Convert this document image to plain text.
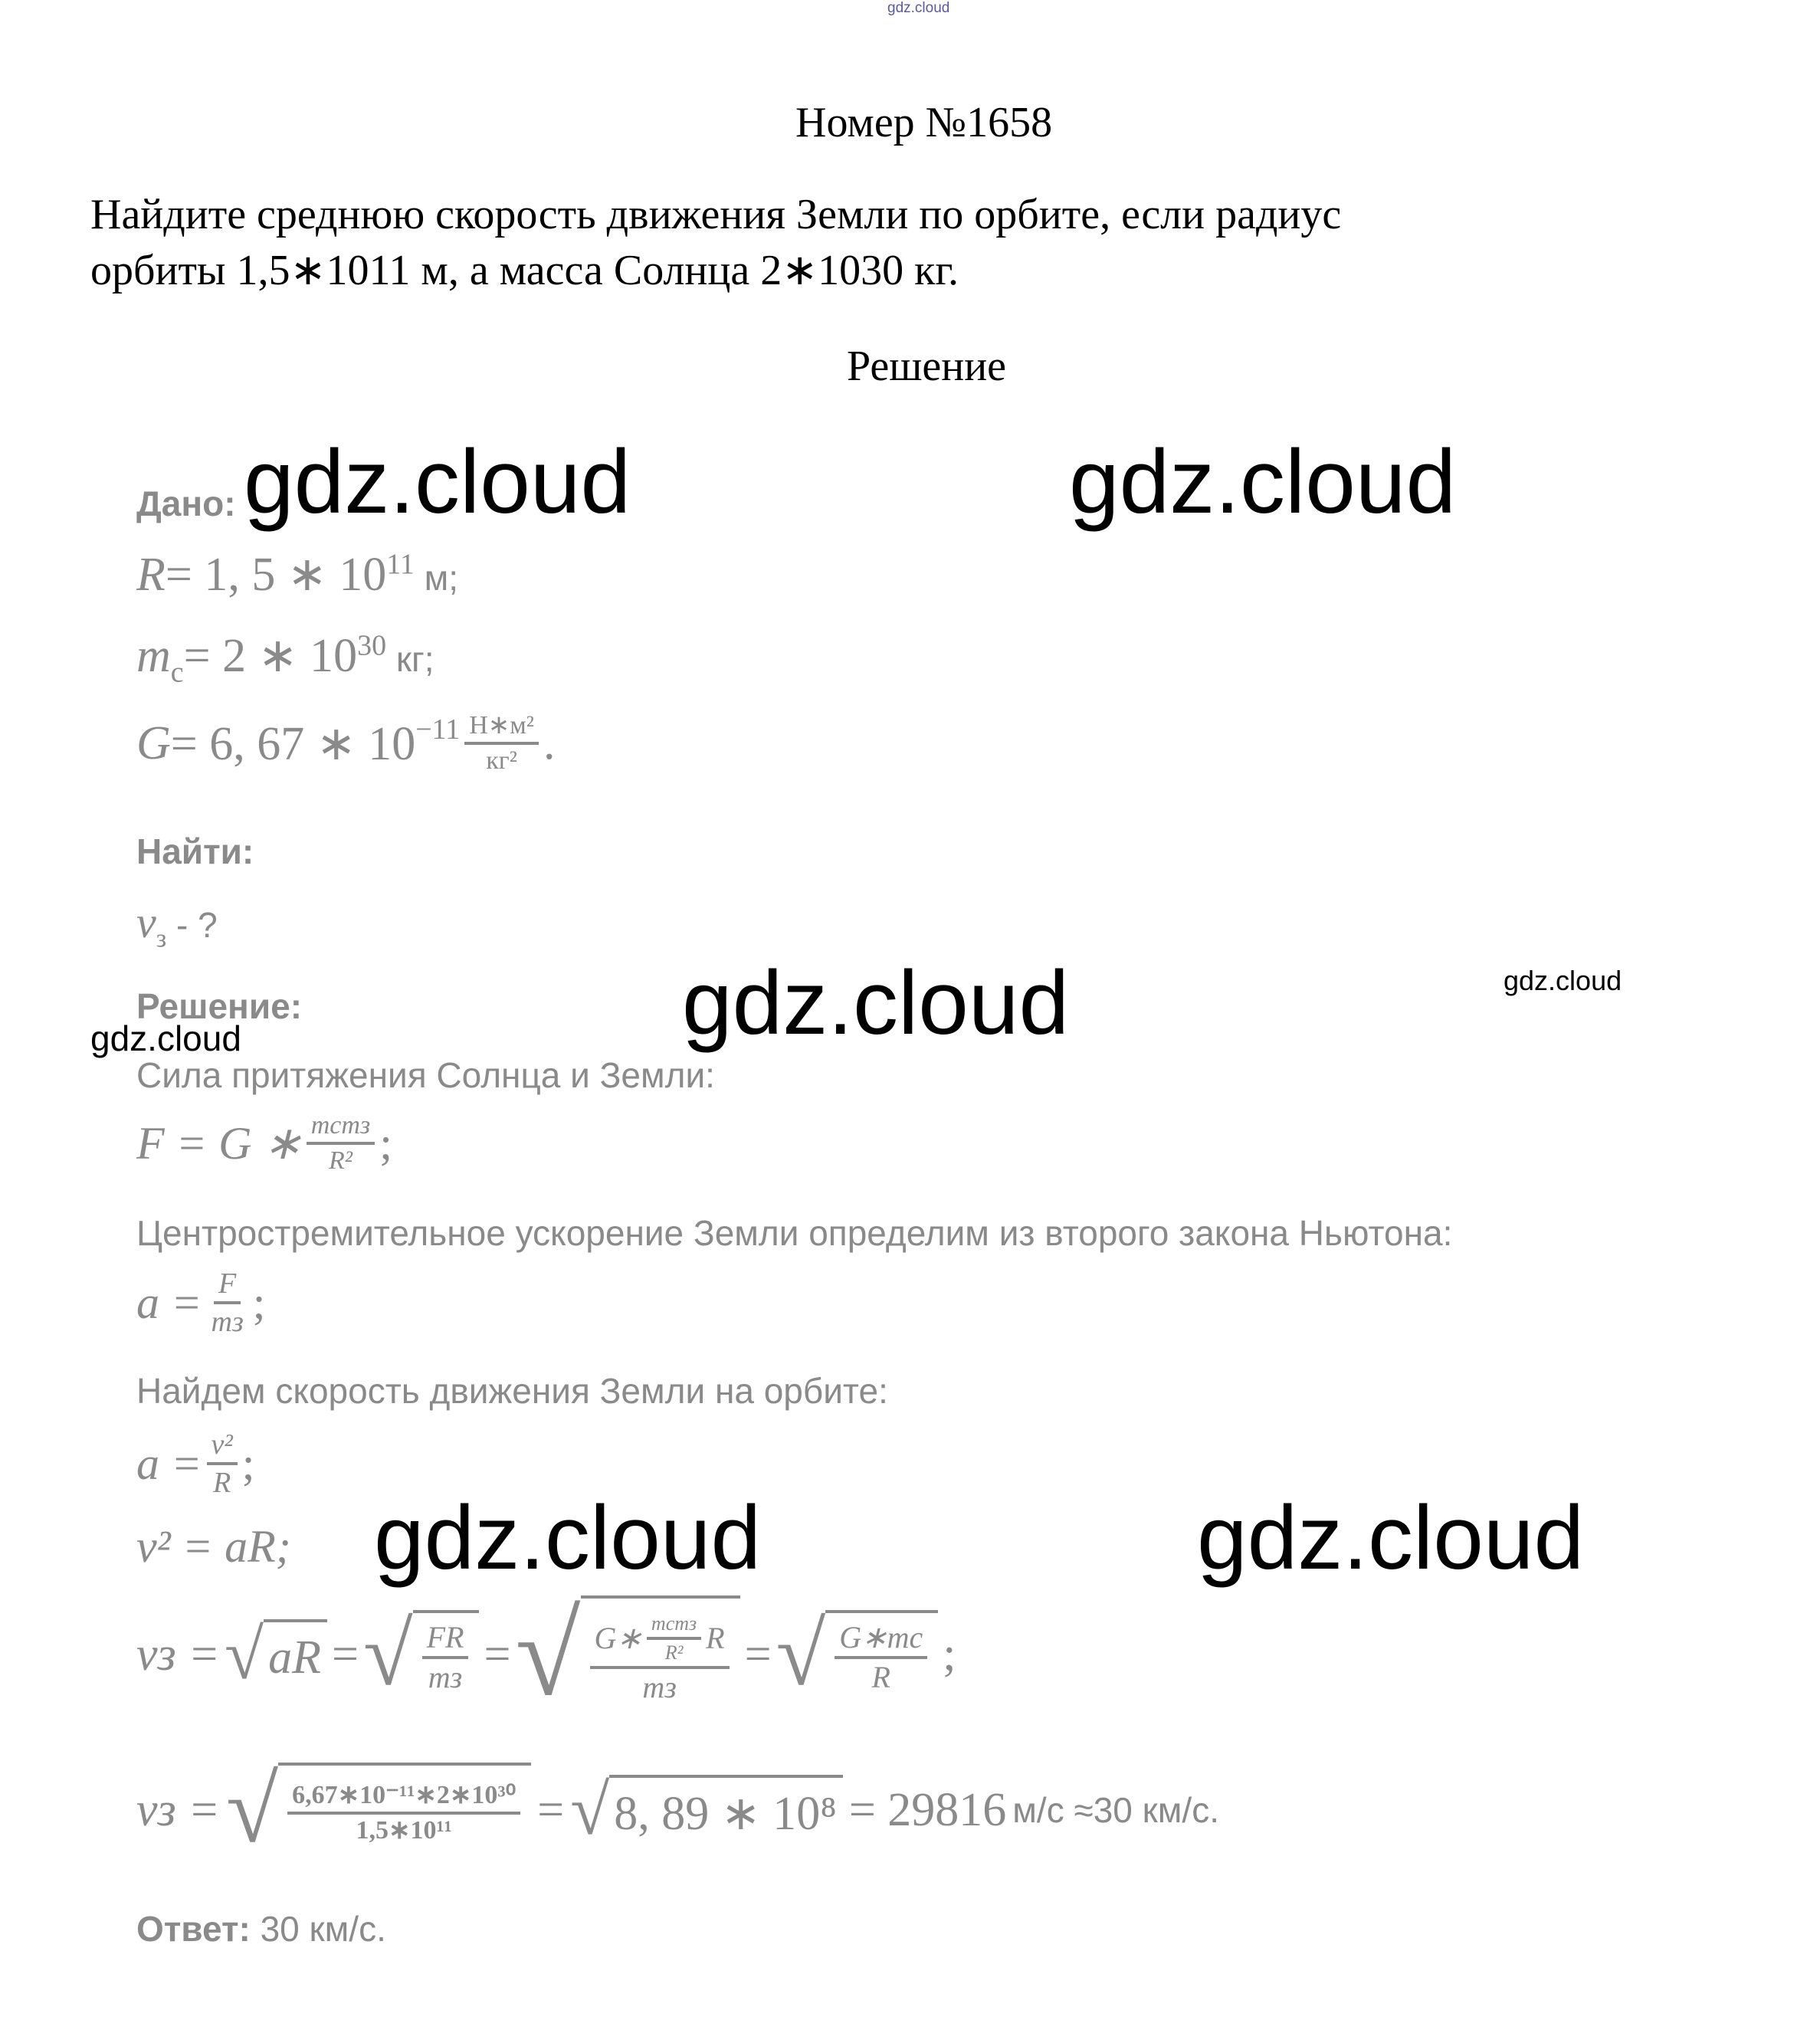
gdz.cloud
Номер №1658
Найдите среднюю скорость движения Земли по орбите, если радиус
орбиты 1,5∗1011 м, а масса Солнца 2∗1030 кг.
Решение
Дано:
R= 1, 5 ∗ $10^{11}$ м;
$m_с= 2$ ∗ $10^{30}$ кг;
G = 6, 67 ∗ $10^{-11} \frac{\text{Н∗м²}}{\text{кг²}}$ .
Найти:
$v_з$ - ?
Решение:
Сила притяжения Солнца и Земли:
F = G ∗ $\frac{\text{mсmз}}{\text{R²}}$ ;
Центростремительное ускорение Земли определим из второго закона Ньютона:
$a = \frac{F}{mз}$ ;
Найдем скорость движения Земли на орбите:
$a = \frac{\text{v²}}{R}$ ;
v² = aR;
vз = √ aR = √ $\frac{FR}{mз}$ = √ $\frac{G∗ \frac{\text{mсmз}}{\text{R²}} R}{mз}$ = √ $\frac{G∗mс}{R}$ ;
vз = √ $\frac{\text{6,67∗10⁻¹¹∗2∗10³⁰}}{\text{1,5∗10¹¹}}$ = √ 8, 89 ∗ 10⁸ = 29816 м/с ≈30 км/с.
Ответ: 30 км/с.
gdz.cloud	gdz.cloud
gdz.cloud	gdz.cloud
gdz.cloud
gdz.cloud	gdz.cloud
